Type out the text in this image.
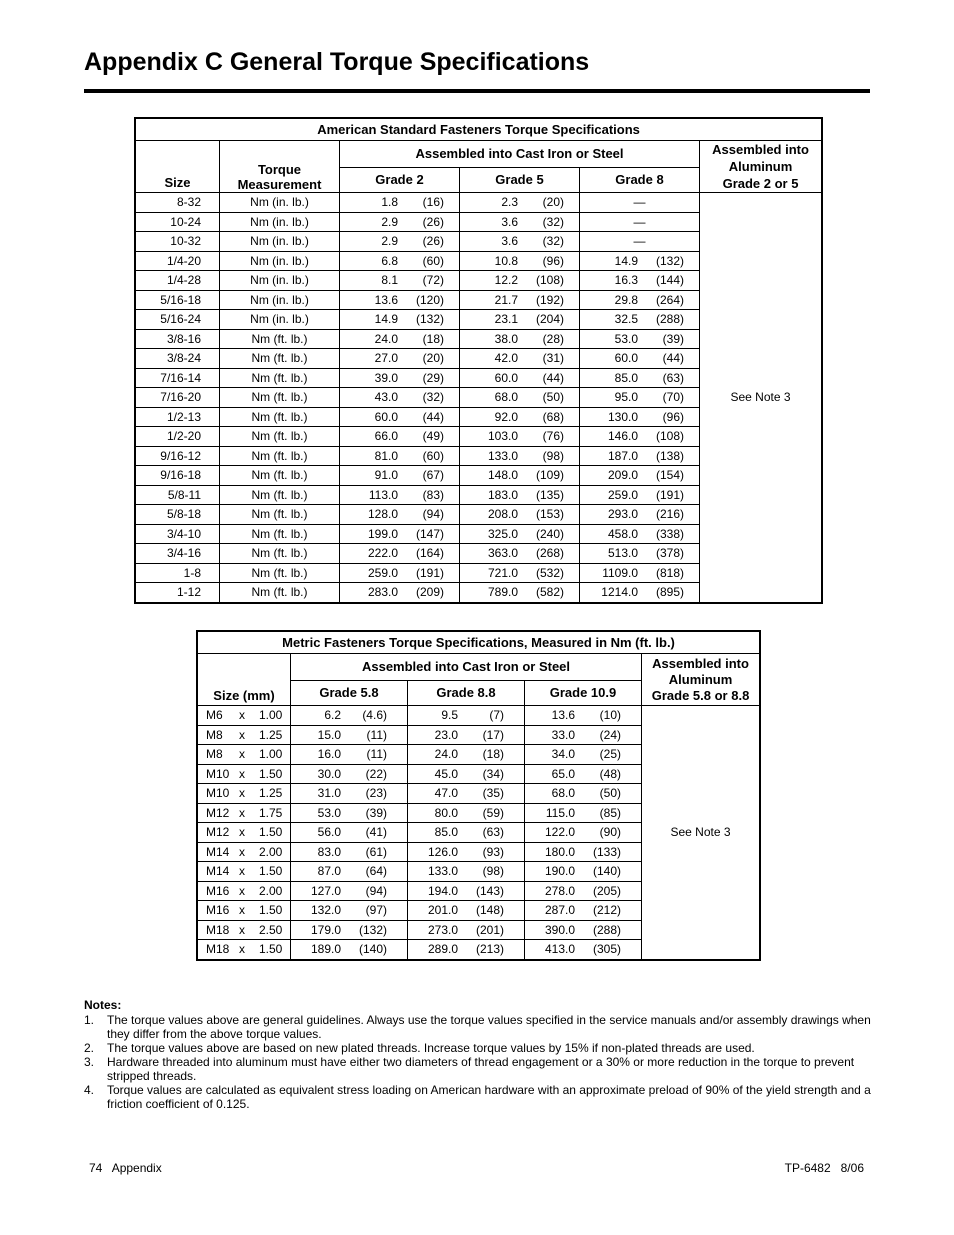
Appendix C General Torque Specifications
American Standard Fasteners Torque Specifications					
Size	Torque
Measurement	Assembled into Cast Iron or Steel			Assembled into
Aluminum
Grade 2 or 5
		Grade 2	Grade 5	Grade 8	
8-32	Nm (in. lb.)	1.8 (16)	2.3 (20)	—	See Note 3
10-24	Nm (in. lb.)	2.9 (26)	3.6 (32)	—	
10-32	Nm (in. lb.)	2.9 (26)	3.6 (32)	—	
1/4-20	Nm (in. lb.)	6.8 (60)	10.8 (96)	14.9 (132)	

1/4-28	Nm (in. lb.)	8.1 (72)	12.2 (108)	16.3 (144)	

5/16-18	Nm (in. lb.)	13.6 (120)	21.7 (192)	29.8 (264)	

5/16-24	Nm (in. lb.)	14.9 (132)	23.1 (204)	32.5 (288)	

3/8-16	Nm (ft. lb.)	24.0 (18)	38.0 (28)	53.0 (39)	

3/8-24	Nm (ft. lb.)	27.0 (20)	42.0 (31)	60.0 (44)	

7/16-14	Nm (ft. lb.)	39.0 (29)	60.0 (44)	85.0 (63)	

7/16-20	Nm (ft. lb.)	43.0 (32)	68.0 (50)	95.0 (70)	

1/2-13	Nm (ft. lb.)	60.0 (44)	92.0 (68)	130.0 (96)	

1/2-20	Nm (ft. lb.)	66.0 (49)	103.0 (76)	146.0 (108)	

9/16-12	Nm (ft. lb.)	81.0 (60)	133.0 (98)	187.0 (138)	

9/16-18	Nm (ft. lb.)	91.0 (67)	148.0 (109)	209.0 (154)	

5/8-11	Nm (ft. lb.)	113.0 (83)	183.0 (135)	259.0 (191)	

5/8-18	Nm (ft. lb.)	128.0 (94)	208.0 (153)	293.0 (216)	

3/4-10	Nm (ft. lb.)	199.0 (147)	325.0 (240)	458.0 (338)	

3/4-16	Nm (ft. lb.)	222.0 (164)	363.0 (268)	513.0 (378)	

1-8	Nm (ft. lb.)	259.0 (191)	721.0 (532)	1109.0 (818)	

1-12	Nm (ft. lb.)	283.0 (209)	789.0 (582)	1214.0 (895)	
Metric Fasteners Torque Specifications, Measured in Nm (ft. lb.)				
Size (mm)	Assembled into Cast Iron or Steel			Assembled into
Aluminum
Grade 5.8 or 8.8
	Grade 5.8	Grade 8.8	Grade 10.9	

M6 x 1.00	6.2 (4.6)	9.5 (7)	13.6 (10)	See Note 3

M8 x 1.25	15.0 (11)	23.0 (17)	33.0 (24)	

M8 x 1.00	16.0 (11)	24.0 (18)	34.0 (25)	

M10 x 1.50	30.0 (22)	45.0 (34)	65.0 (48)	

M10 x 1.25	31.0 (23)	47.0 (35)	68.0 (50)	

M12 x 1.75	53.0 (39)	80.0 (59)	115.0 (85)	

M12 x 1.50	56.0 (41)	85.0 (63)	122.0 (90)	

M14 x 2.00	83.0 (61)	126.0 (93)	180.0 (133)	

M14 x 1.50	87.0 (64)	133.0 (98)	190.0 (140)	

M16 x 2.00	127.0 (94)	194.0 (143)	278.0 (205)	

M16 x 1.50	132.0 (97)	201.0 (148)	287.0 (212)	

M18 x 2.50	179.0 (132)	273.0 (201)	390.0 (288)	

M18 x 1.50	189.0 (140)	289.0 (213)	413.0 (305)	
Notes:
1.	The torque values above are general guidelines. Always use the torque values specified in the service manuals and/or assembly drawings when they differ from the above torque values.
2.	The torque values above are based on new plated threads. Increase torque values by 15% if non-plated threads are used.
3.	Hardware threaded into aluminum must have either two diameters of thread engagement or a 30% or more reduction in the torque to prevent stripped threads.
4.	Torque values are calculated as equivalent stress loading on American hardware with an approximate preload of 90% of the yield strength and a friction coefficient of 0.125.
74   Appendix	TP-6482   8/06
